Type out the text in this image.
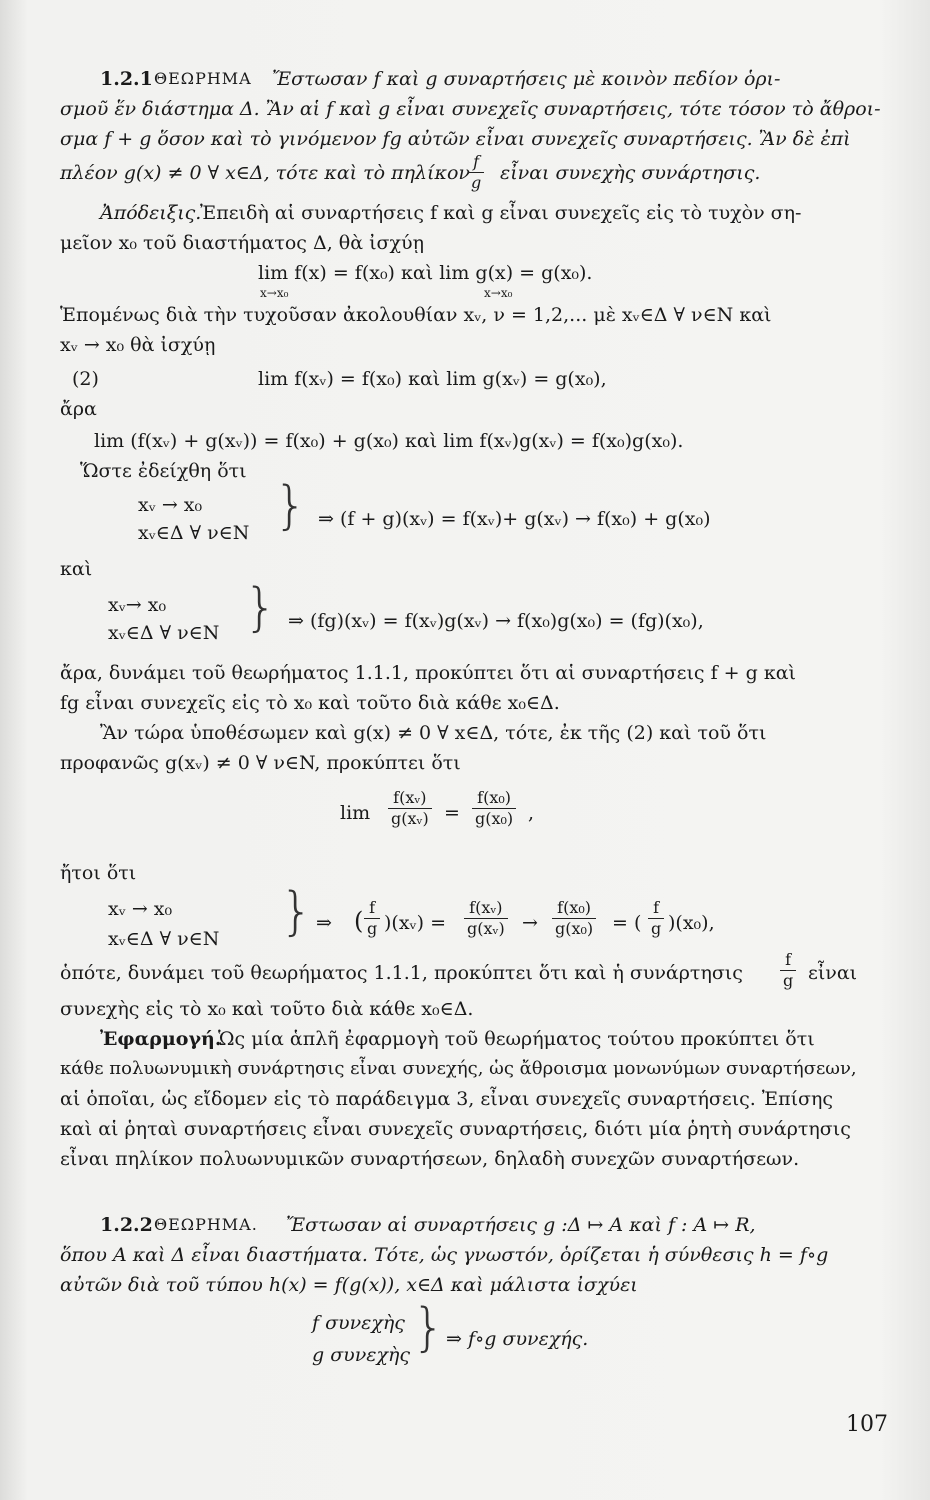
1.2.1 ΘΕΩΡΗΜΑ Ἔστωσαν f καὶ g συναρτήσεις μὲ κοινὸν πεδίον ὁρι-
σμοῦ ἕν διάστημα Δ. Ἂν αἱ f καὶ g εἶναι συνεχεῖς συναρτήσεις, τότε τόσον τὸ ἄθροι-
σμα f + g ὅσον καὶ τὸ γινόμενον fg αὐτῶν εἶναι συνεχεῖς συναρτήσεις. Ἂν δὲ ἐπὶ
πλέον g(x) ≠ 0 ∀ x∈Δ, τότε καὶ τὸ πηλίκον
$\frac{f}{g}$ εἶναι συνεχὴς συνάρτησις.
Ἀπόδειξις.
Ἐπειδὴ αἱ συναρτήσεις f καὶ g εἶναι συνεχεῖς εἰς τὸ τυχὸν ση-
μεῖον x₀ τοῦ διαστήματος Δ, θὰ ἰσχύῃ
lim f(x) = f(x₀) καὶ lim g(x) = g(x₀).
x→x₀	x→x₀
Ἑπομένως διὰ τὴν τυχοῦσαν ἀκολουθίαν xᵥ, ν = 1,2,... μὲ xᵥ∈Δ ∀ ν∈N καὶ
xᵥ → x₀ θὰ ἰσχύῃ
(2)	lim f(xᵥ) = f(x₀) καὶ lim g(xᵥ) = g(x₀),
ἄρα
lim (f(xᵥ) + g(xᵥ)) = f(x₀) + g(x₀) καὶ lim f(xᵥ)g(xᵥ) = f(x₀)g(x₀).
Ὥστε ἐδείχθη ὅτι
xᵥ → x₀
xᵥ∈Δ ∀ ν∈N } ⇒ (f + g)(xᵥ) = f(xᵥ)+ g(xᵥ) → f(x₀) + g(x₀)
καὶ
xᵥ→ x₀
xᵥ∈Δ ∀ ν∈N } ⇒ (fg)(xᵥ) = f(xᵥ)g(xᵥ) → f(x₀)g(x₀) = (fg)(x₀),
ἄρα, δυνάμει τοῦ θεωρήματος 1.1.1, προκύπτει ὅτι αἱ συναρτήσεις f + g καὶ
fg εἶναι συνεχεῖς εἰς τὸ x₀ καὶ τοῦτο διὰ κάθε x₀∈Δ.
Ἂν τώρα ὑποθέσωμεν καὶ g(x) ≠ 0 ∀ x∈Δ, τότε, ἐκ τῆς (2) καὶ τοῦ ὅτι
προφανῶς g(xᵥ) ≠ 0 ∀ ν∈N, προκύπτει ὅτι
$\lim \frac{\text{f(xᵥ)}}{\text{g(xᵥ)}} = \frac{\text{f(x₀)}}{\text{g(x₀)}}$ ,
ἤτοι ὅτι
xᵥ → x₀
xᵥ∈Δ ∀ ν∈N } ⇒ ( $\frac{f}{g}$ )(xᵥ) = $\frac{\text{f(xᵥ)}}{\text{g(xᵥ)}} \to \frac{\text{f(x₀)}}{\text{g(x₀)}}$ = ( $\frac{f}{g} )(x_0)$,
ὁπότε, δυνάμει τοῦ θεωρήματος 1.1.1, προκύπτει ὅτι καὶ ἡ συνάρτησις $\frac{f}{g}$ εἶναι
συνεχὴς εἰς τὸ x₀ καὶ τοῦτο διὰ κάθε x₀∈Δ.
Ἐφαρμογή.
Ὡς μία ἁπλῆ ἐφαρμογὴ τοῦ θεωρήματος τούτου προκύπτει ὅτι
κάθε πολυωνυμικὴ συνάρτησις εἶναι συνεχής, ὡς ἄθροισμα μονωνύμων συναρτήσεων,
αἱ ὁποῖαι, ὡς εἴδομεν εἰς τὸ παράδειγμα 3, εἶναι συνεχεῖς συναρτήσεις. Ἐπίσης
καὶ αἱ ῥηταὶ συναρτήσεις εἶναι συνεχεῖς συναρτήσεις, διότι μία ῥητὴ συνάρτησις
εἶναι πηλίκον πολυωνυμικῶν συναρτήσεων, δηλαδὴ συνεχῶν συναρτήσεων.
1.2.2 ΘΕΩΡΗΜΑ. Ἔστωσαν αἱ συναρτήσεις g :Δ ↦ A καὶ f : A ↦ R,
ὅπου A καὶ Δ εἶναι διαστήματα. Τότε, ὡς γνωστόν, ὁρίζεται ἡ σύνθεσις h = f∘g
αὐτῶν διὰ τοῦ τύπου h(x) = f(g(x)), x∈Δ καὶ μάλιστα ἰσχύει
f συνεχὴς
g συνεχὴς } ⇒ f∘g συνεχής.
107
